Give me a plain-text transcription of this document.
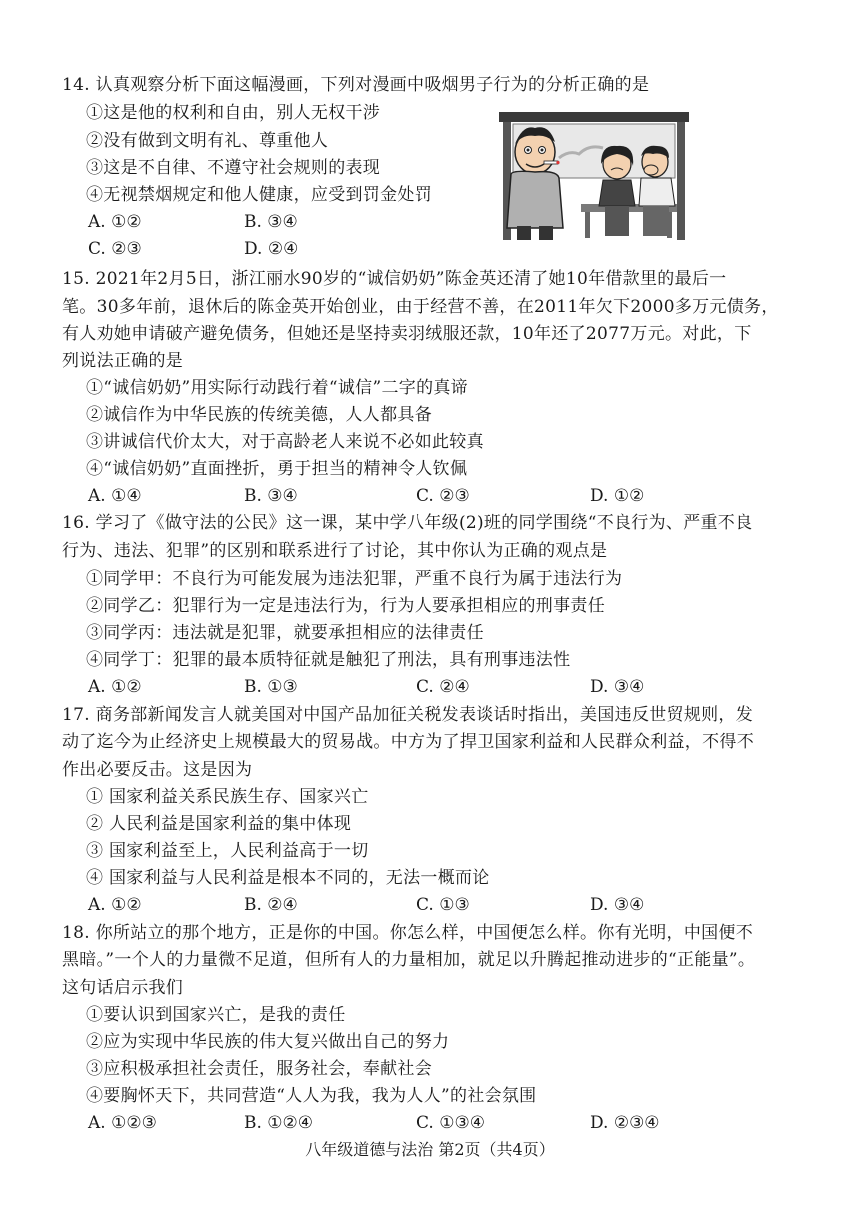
14. 认真观察分析下面这幅漫画，下列对漫画中吸烟男子行为的分析正确的是
①这是他的权利和自由，别人无权干涉
②没有做到文明有礼、尊重他人
③这是不自律、不遵守社会规则的表现
④无视禁烟规定和他人健康，应受到罚金处罚
A. ①②	B. ③④
C. ②③	D. ②④
15. 2021年2月5日，浙江丽水90岁的“诚信奶奶”陈金英还清了她10年借款里的最后一
笔。30多年前，退休后的陈金英开始创业，由于经营不善，在2011年欠下2000多万元债务，
有人劝她申请破产避免债务，但她还是坚持卖羽绒服还款，10年还了2077万元。对此，下
列说法正确的是
①“诚信奶奶”用实际行动践行着“诚信”二字的真谛
②诚信作为中华民族的传统美德，人人都具备
③讲诚信代价太大，对于高龄老人来说不必如此较真
④“诚信奶奶”直面挫折，勇于担当的精神令人钦佩
A. ①④	B. ③④	C. ②③	D. ①②
16. 学习了《做守法的公民》这一课，某中学八年级(2)班的同学围绕“不良行为、严重不良
行为、违法、犯罪”的区别和联系进行了讨论，其中你认为正确的观点是
①同学甲：不良行为可能发展为违法犯罪，严重不良行为属于违法行为
②同学乙：犯罪行为一定是违法行为，行为人要承担相应的刑事责任
③同学丙：违法就是犯罪，就要承担相应的法律责任
④同学丁：犯罪的最本质特征就是触犯了刑法，具有刑事违法性
A. ①②	B. ①③	C. ②④	D. ③④
17. 商务部新闻发言人就美国对中国产品加征关税发表谈话时指出，美国违反世贸规则，发
动了迄今为止经济史上规模最大的贸易战。中方为了捍卫国家利益和人民群众利益，不得不
作出必要反击。这是因为
① 国家利益关系民族生存、国家兴亡
② 人民利益是国家利益的集中体现
③ 国家利益至上，人民利益高于一切
④ 国家利益与人民利益是根本不同的，无法一概而论
A. ①②	B. ②④	C. ①③	D. ③④
18. 你所站立的那个地方，正是你的中国。你怎么样，中国便怎么样。你有光明，中国便不
黑暗。”一个人的力量微不足道，但所有人的力量相加，就足以升腾起推动进步的“正能量”。
这句话启示我们
①要认识到国家兴亡，是我的责任
②应为实现中华民族的伟大复兴做出自己的努力
③应积极承担社会责任，服务社会，奉献社会
④要胸怀天下，共同营造“人人为我，我为人人”的社会氛围
A. ①②③	B. ①②④	C. ①③④	D. ②③④
八年级道德与法治 第2页（共4页）
